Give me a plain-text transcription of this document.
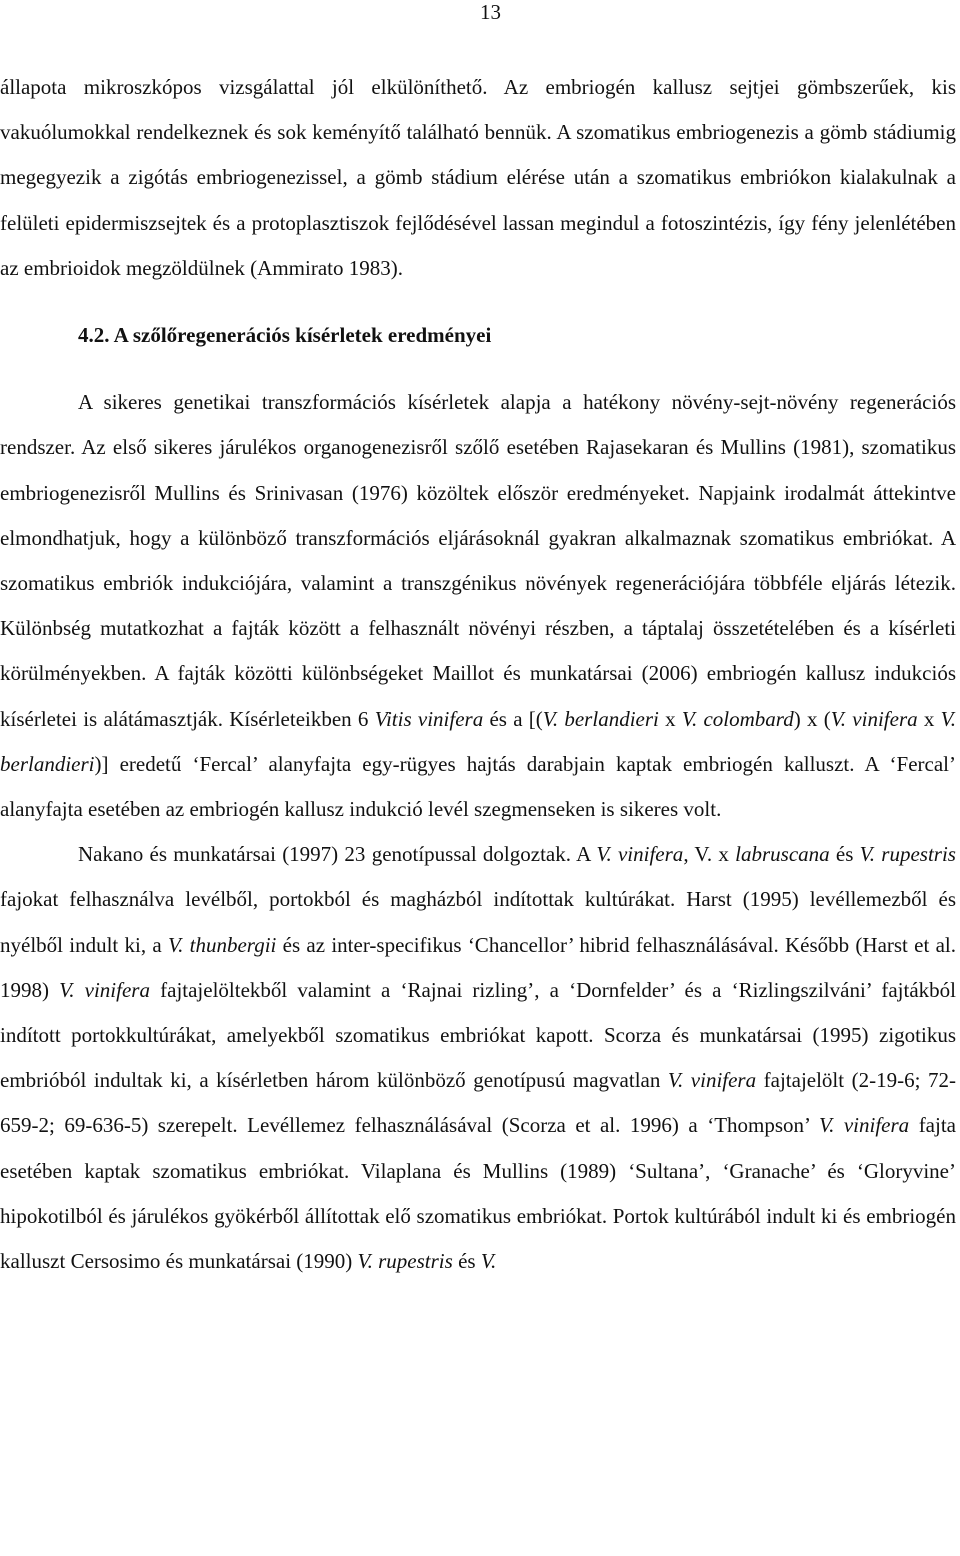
13

állapota mikroszkópos vizsgálattal jól elkülöníthető. Az embriogén kallusz sejtjei gömbszerűek, kis vakuólumokkal rendelkeznek és sok keményítő található bennük. A szomatikus embriogenezis a gömb stádiumig megegyezik a zigótás embriogenezissel, a gömb stádium elérése után a szomatikus embriókon kialakulnak a felületi epidermiszsejtek és a protoplasztiszok fejlődésével lassan megindul a fotoszintézis, így fény jelenlétében az embrioidok megzöldülnek (Ammirato 1983).

4.2. A szőlőregenerációs kísérletek eredményei

A sikeres genetikai transzformációs kísérletek alapja a hatékony növény-sejt-növény regenerációs rendszer. Az első sikeres járulékos organogenezisről szőlő esetében Rajasekaran és Mullins (1981), szomatikus embriogenezisről Mullins és Srinivasan (1976) közöltek először eredményeket. Napjaink irodalmát áttekintve elmondhatjuk, hogy a különböző transzformációs eljárásoknál gyakran alkalmaznak szomatikus embriókat. A szomatikus embriók indukciójára, valamint a transzgénikus növények regenerációjára többféle eljárás létezik. Különbség mutatkozhat a fajták között a felhasznált növényi részben, a táptalaj összetételében és a kísérleti körülményekben. A fajták közötti különbségeket Maillot és munkatársai (2006) embriogén kallusz indukciós kísérletei is alátámasztják. Kísérleteikben 6 Vitis vinifera és a [(V. berlandieri x V. colombard) x (V. vinifera x V. berlandieri)] eredetű ‘Fercal’ alanyfajta egy-rügyes hajtás darabjain kaptak embriogén kalluszt. A ‘Fercal’ alanyfajta esetében az embriogén kallusz indukció levél szegmenseken is sikeres volt.

Nakano és munkatársai (1997) 23 genotípussal dolgoztak. A V. vinifera, V. x labruscana és V. rupestris fajokat felhasználva levélből, portokból és magházból indítottak kultúrákat. Harst (1995) levéllemezből és nyélből indult ki, a V. thunbergii és az inter-specifikus ‘Chancellor’ hibrid felhasználásával. Később (Harst et al. 1998) V. vinifera fajtajelöltekből valamint a ‘Rajnai rizling’, a ‘Dornfelder’ és a ‘Rizlingszilváni’ fajtákból indított portokkultúrákat, amelyekből szomatikus embriókat kapott. Scorza és munkatársai (1995) zigotikus embrióból indultak ki, a kísérletben három különböző genotípusú magvatlan V. vinifera fajtajelölt (2-19-6; 72-659-2; 69-636-5) szerepelt. Levéllemez felhasználásával (Scorza et al. 1996) a ‘Thompson’ V. vinifera fajta esetében kaptak szomatikus embriókat. Vilaplana és Mullins (1989) ‘Sultana’, ‘Granache’ és ‘Gloryvine’ hipokotilból és járulékos gyökérből állítottak elő szomatikus embriókat. Portok kultúrából indult ki és embriogén kalluszt Cersosimo és munkatársai (1990) V. rupestris és V.
